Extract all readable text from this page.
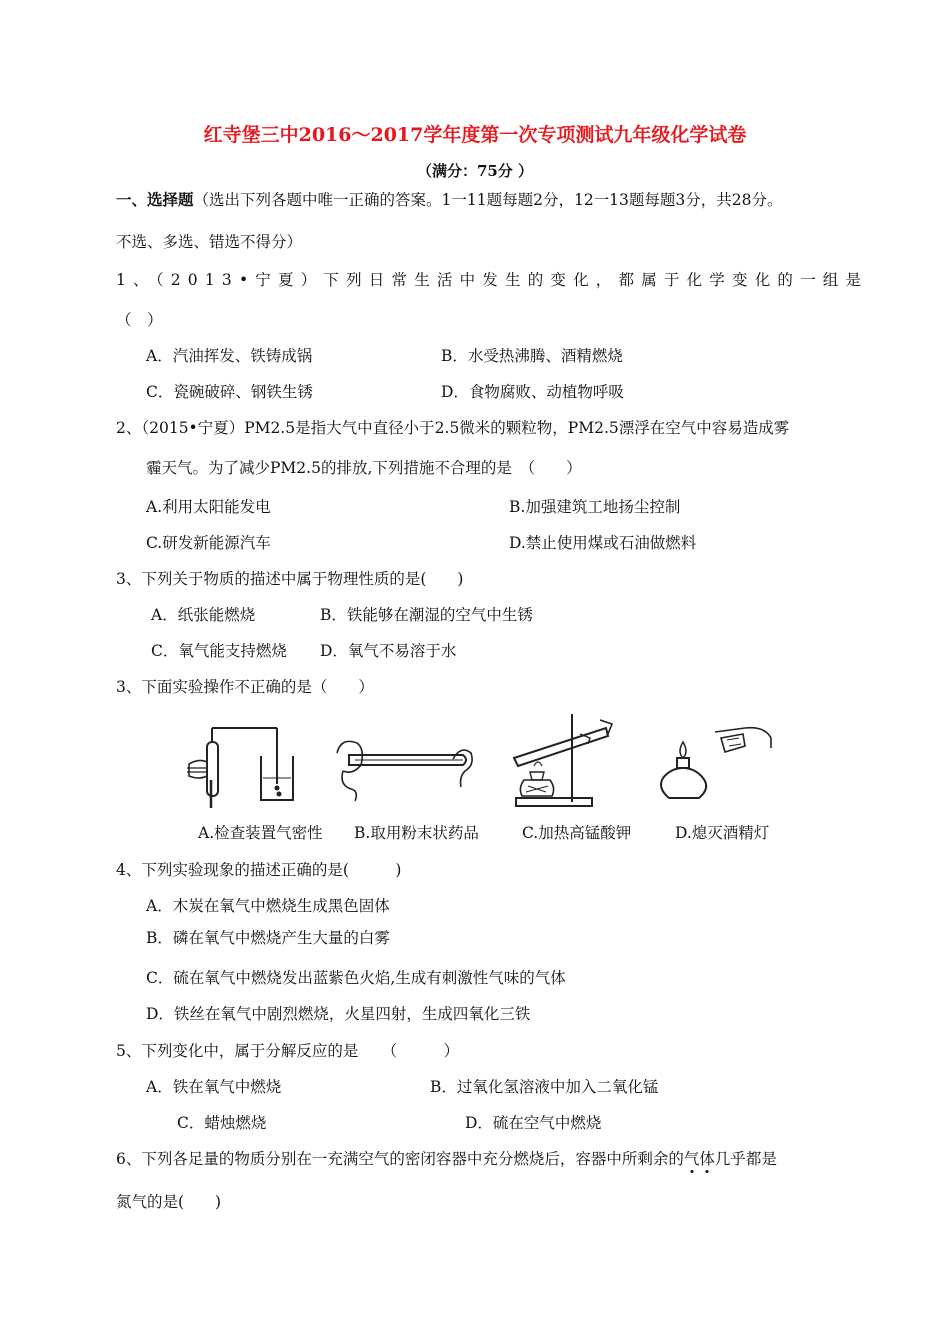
红寺堡三中2016～2017学年度第一次专项测试九年级化学试卷
（满分：75分 ）
一、选择题（选出下列各题中唯一正确的答案。1一11题每题2分，12一13题每题3分，共28分。
不选、多选、错选不得分）
1、（2013•宁夏）下列日常生活中发生的变化，都属于化学变化的一组是
（　）
A．汽油挥发、铁铸成锅	B．水受热沸腾、酒精燃烧
C．瓷碗破碎、钢铁生锈	D．食物腐败、动植物呼吸
2、（2015•宁夏）PM2.5是指大气中直径小于2.5微米的颗粒物，PM2.5漂浮在空气中容易造成雾
霾天气。为了减少PM2.5的排放,下列措施不合理的是　（　　）
A.利用太阳能发电	B.加强建筑工地扬尘控制
C.研发新能源汽车	D.禁止使用煤或石油做燃料
3、下列关于物质的描述中属于物理性质的是(　　)
A．纸张能燃烧	B．铁能够在潮湿的空气中生锈
C．氧气能支持燃烧 D．氧气不易溶于水
3、下面实验操作不正确的是（　　）
A.检查装置气密性 B.取用粉末状药品	C.加热高锰酸钾	D.熄灭酒精灯
4、下列实验现象的描述正确的是(　　　)
A．木炭在氧气中燃烧生成黑色固体
B．磷在氧气中燃烧产生大量的白雾
C．硫在氧气中燃烧发出蓝紫色火焰,生成有刺激性气味的气体
D．铁丝在氧气中剧烈燃烧，火星四射，生成四氧化三铁
5、下列变化中，属于分解反应的是　　（　　　）
A．铁在氧气中燃烧	B．过氧化氢溶液中加入二氧化锰
C．蜡烛燃烧	D．硫在空气中燃烧
6、下列各足量的物质分别在一充满空气的密闭容器中充分燃烧后，容器中所剩余的气体几乎都是
氮气的是(　　)
